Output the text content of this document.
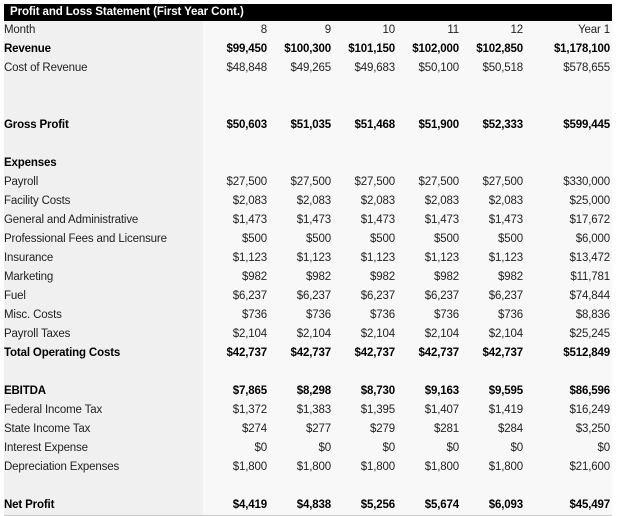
Profit and Loss Statement (First Year Cont.)
Month	8	9	10	11	12	Year 1
Revenue	$99,450	$100,300	$101,150	$102,000	$102,850	$1,178,100
Cost of Revenue	$48,848	$49,265	$49,683	$50,100	$50,518	$578,655

Gross Profit	$50,603	$51,035	$51,468	$51,900	$52,333	$599,445

Expenses						
Payroll	$27,500	$27,500	$27,500	$27,500	$27,500	$330,000
Facility Costs	$2,083	$2,083	$2,083	$2,083	$2,083	$25,000
General and Administrative	$1,473	$1,473	$1,473	$1,473	$1,473	$17,672
Professional Fees and Licensure	$500	$500	$500	$500	$500	$6,000
Insurance	$1,123	$1,123	$1,123	$1,123	$1,123	$13,472
Marketing	$982	$982	$982	$982	$982	$11,781
Fuel	$6,237	$6,237	$6,237	$6,237	$6,237	$74,844
Misc. Costs	$736	$736	$736	$736	$736	$8,836
Payroll Taxes	$2,104	$2,104	$2,104	$2,104	$2,104	$25,245
Total Operating Costs	$42,737	$42,737	$42,737	$42,737	$42,737	$512,849

EBITDA	$7,865	$8,298	$8,730	$9,163	$9,595	$86,596
Federal Income Tax	$1,372	$1,383	$1,395	$1,407	$1,419	$16,249
State Income Tax	$274	$277	$279	$281	$284	$3,250
Interest Expense	$0	$0	$0	$0	$0	$0
Depreciation Expenses	$1,800	$1,800	$1,800	$1,800	$1,800	$21,600

Net Profit	$4,419	$4,838	$5,256	$5,674	$6,093	$45,497
